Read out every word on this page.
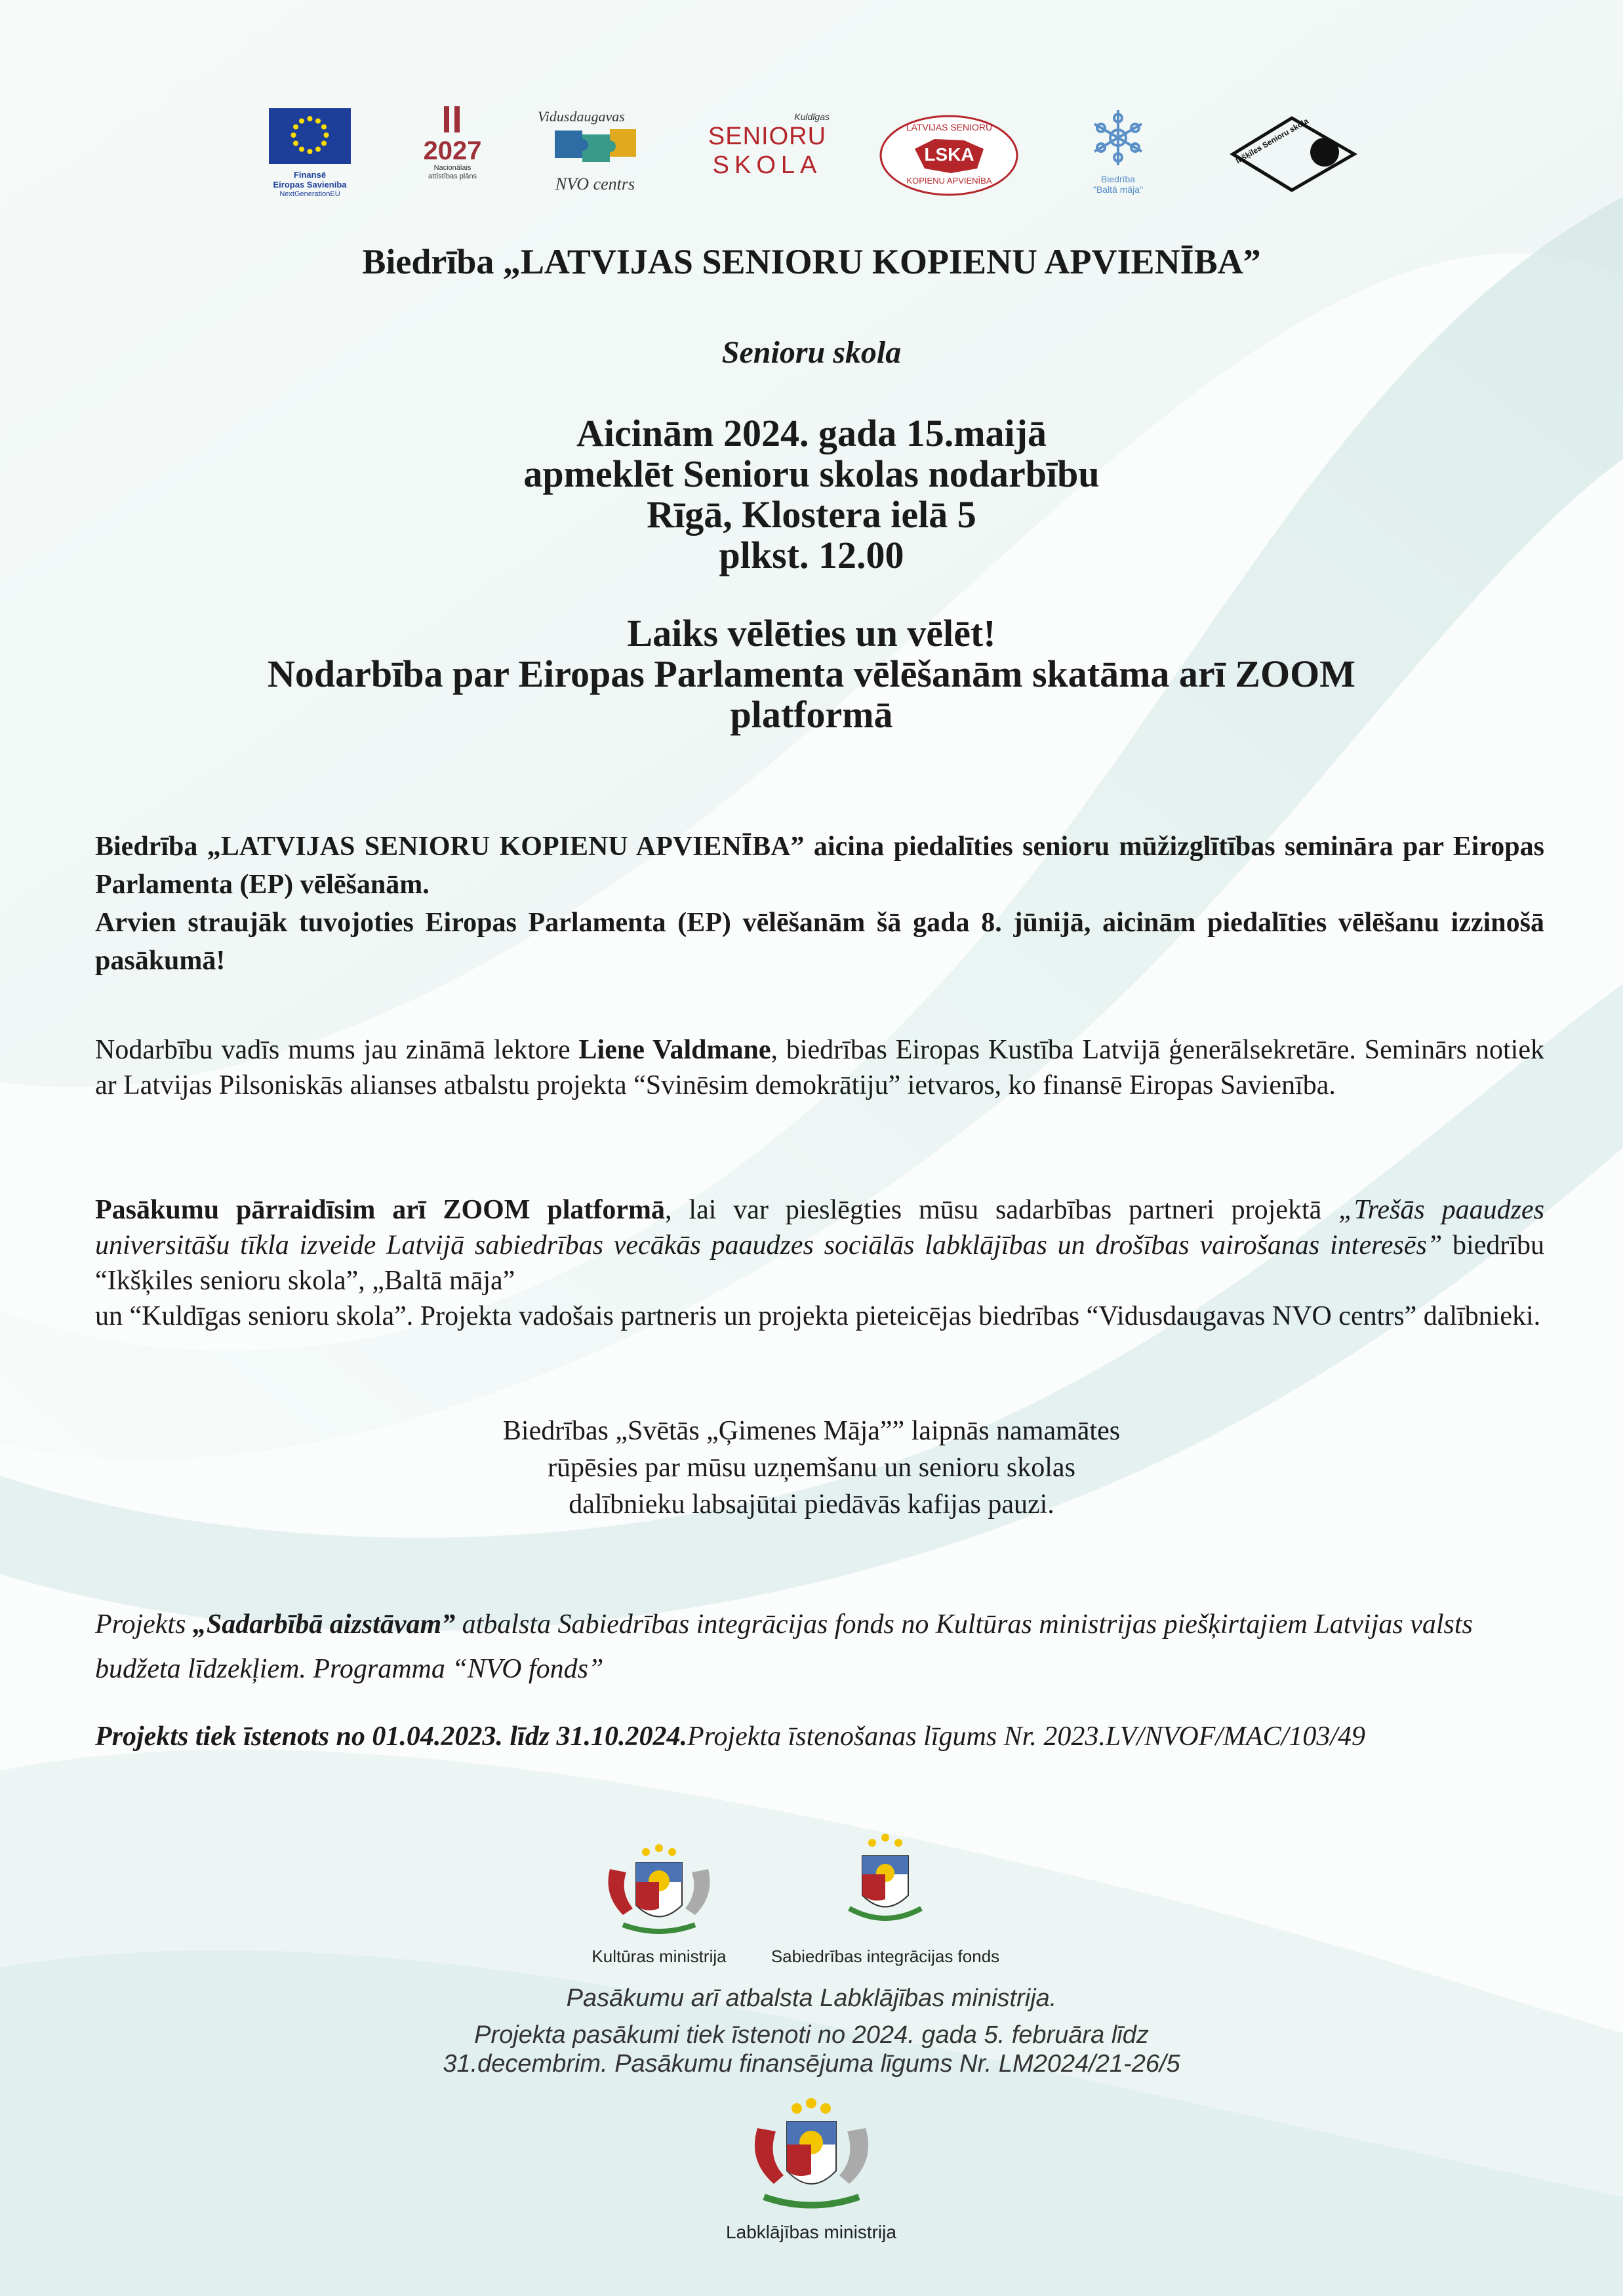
Finansē
Eiropas Savienība
NextGenerationEU
2027
Nacionālais
attīstības plāns
Vidusdaugavas
NVO centrs
Kuldīgas
SENIORU
SKOLA
LATVIJAS SENIORU
LSKA
KOPIENU APVIENĪBA	Biedrība
"Baltā māja"
Ikšķiles Senioru skola
Biedrība „LATVIJAS SENIORU KOPIENU APVIENĪBA”
Senioru skola
Aicinām 2024. gada 15.maijā
apmeklēt Senioru skolas nodarbību
Rīgā, Klostera ielā 5
plkst. 12.00
Laiks vēlēties un vēlēt!
Nodarbība par Eiropas Parlamenta vēlēšanām skatāma arī ZOOM
platformā
Biedrība „LATVIJAS SENIORU KOPIENU APVIENĪBA” aicina piedalīties senioru mūžizglītības semināra par Eiropas Parlamenta (EP) vēlēšanām.
Arvien straujāk tuvojoties Eiropas Parlamenta (EP) vēlēšanām šā gada 8. jūnijā, aicinām piedalīties vēlēšanu izzinošā pasākumā!
Nodarbību vadīs mums jau zināmā lektore Liene Valdmane, biedrības Eiropas Kustība Latvijā ģenerālsekretāre. Seminārs notiek ar Latvijas Pilsoniskās alianses atbalstu projekta “Svinēsim demokrātiju” ietvaros, ko finansē Eiropas Savienība.
Pasākumu pārraidīsim arī ZOOM platformā, lai var pieslēgties mūsu sadarbības partneri projektā „Trešās paaudzes universitāšu tīkla izveide Latvijā sabiedrības vecākās paaudzes sociālās labklājības un drošības vairošanas interesēs” biedrību “Ikšķiles senioru skola”, „Baltā māja”
un “Kuldīgas senioru skola”. Projekta vadošais partneris un projekta pieteicējas biedrības “Vidusdaugavas NVO centrs” dalībnieki.
Biedrības „Svētās „Ģimenes Māja”” laipnās namamātes
rūpēsies par mūsu uzņemšanu un senioru skolas
dalībnieku labsajūtai piedāvās kafijas pauzi.
Projekts „Sadarbībā aizstāvam” atbalsta Sabiedrības integrācijas fonds no Kultūras ministrijas piešķirtajiem Latvijas valsts budžeta līdzekļiem. Programma “NVO fonds”
Projekts tiek īstenots no 01.04.2023. līdz 31.10.2024.Projekta īstenošanas līgums Nr. 2023.LV/NVOF/MAC/103/49
Kultūras ministrija	Sabiedrības integrācijas fonds
Pasākumu arī atbalsta Labklājības ministrija.
Projekta pasākumi tiek īstenoti no 2024. gada 5. februāra līdz
31.decembrim. Pasākumu finansējuma līgums Nr. LM2024/21-26/5
Labklājības ministrija
